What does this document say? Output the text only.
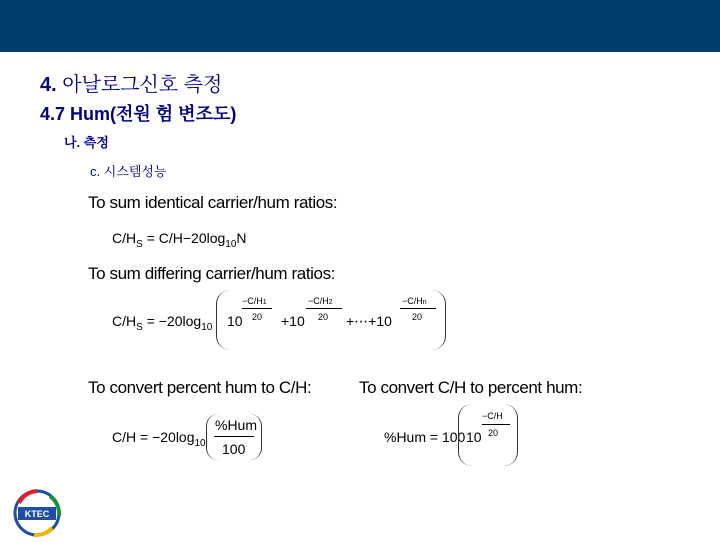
4. 아날로그신호 측정
4.7 Hum(전원 험 변조도)
나. 측정
c. 시스템성능
To sum identical carrier/hum ratios:
$C/H_S = C/H-20\log_{10}N$
To sum differing carrier/hum ratios:
$C/H_S = -20\log_{10}$ 10
−C/H1
20 +10
−C/H2
20 +⋯+10
−C/Hn
20
To convert percent hum to C/H:
$C/H = -20\log_{10}$
%Hum
100
To convert C/H to percent hum:
%Hum = 100 10
−C/H
20
KTEC
